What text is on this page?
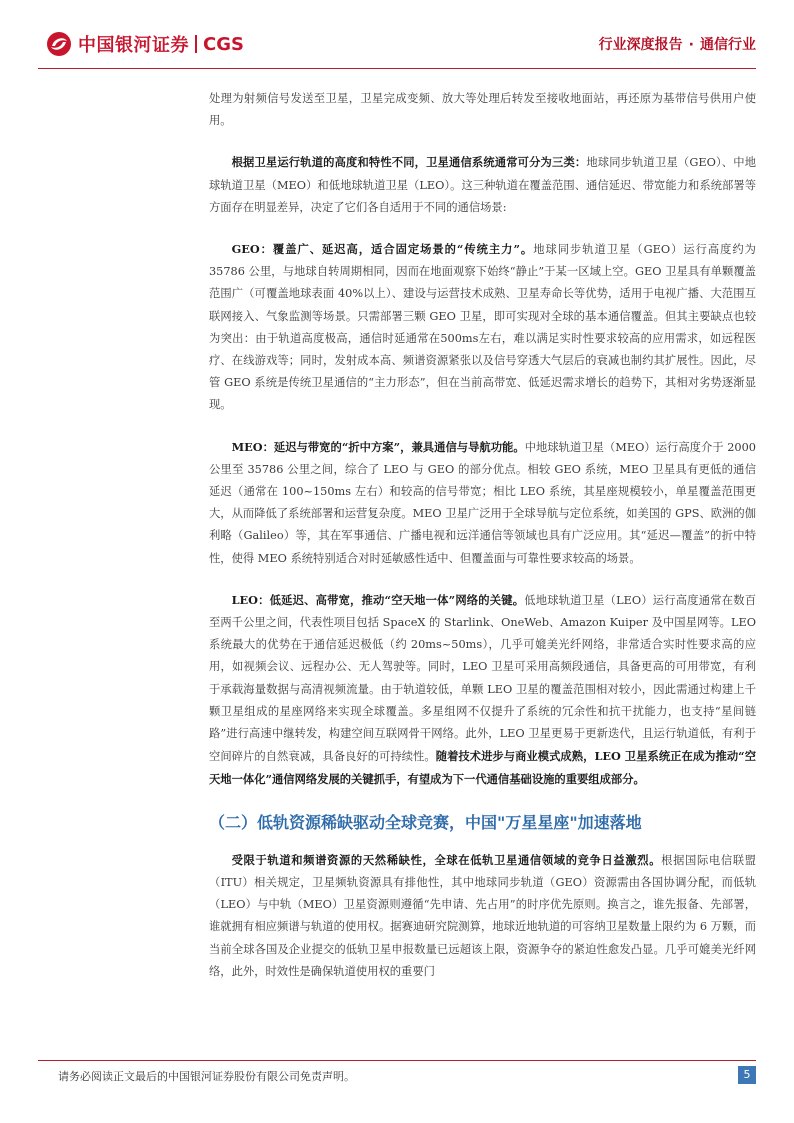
中国银河证券 CGS	行业深度报告 · 通信行业

处理为射频信号发送至卫星，卫星完成变频、放大等处理后转发至接收地面站，再还原为基带信号供用户使用。

根据卫星运行轨道的高度和特性不同，卫星通信系统通常可分为三类：地球同步轨道卫星（GEO）、中地球轨道卫星（MEO）和低地球轨道卫星（LEO）。这三种轨道在覆盖范围、通信延迟、带宽能力和系统部署等方面存在明显差异，决定了它们各自适用于不同的通信场景:

GEO：覆盖广、延迟高，适合固定场景的“传统主力”。地球同步轨道卫星（GEO）运行高度约为 35786 公里，与地球自转周期相同，因而在地面观察下始终“静止”于某一区域上空。GEO 卫星具有单颗覆盖范围广（可覆盖地球表面 40%以上）、建设与运营技术成熟、卫星寿命长等优势，适用于电视广播、大范围互联网接入、气象监测等场景。只需部署三颗 GEO 卫星，即可实现对全球的基本通信覆盖。但其主要缺点也较为突出：由于轨道高度极高，通信时延通常在500ms左右，难以满足实时性要求较高的应用需求，如远程医疗、在线游戏等；同时，发射成本高、频谱资源紧张以及信号穿透大气层后的衰减也制约其扩展性。因此，尽管 GEO 系统是传统卫星通信的“主力形态”，但在当前高带宽、低延迟需求增长的趋势下，其相对劣势逐渐显现。

MEO：延迟与带宽的“折中方案”，兼具通信与导航功能。中地球轨道卫星（MEO）运行高度介于 2000 公里至 35786 公里之间，综合了 LEO 与 GEO 的部分优点。相较 GEO 系统，MEO 卫星具有更低的通信延迟（通常在 100~150ms 左右）和较高的信号带宽；相比 LEO 系统，其星座规模较小，单星覆盖范围更大，从而降低了系统部署和运营复杂度。MEO 卫星广泛用于全球导航与定位系统，如美国的 GPS、欧洲的伽利略（Galileo）等，其在军事通信、广播电视和远洋通信等领域也具有广泛应用。其“延迟—覆盖”的折中特性，使得 MEO 系统特别适合对时延敏感性适中、但覆盖面与可靠性要求较高的场景。

LEO：低延迟、高带宽，推动“空天地一体”网络的关键。低地球轨道卫星（LEO）运行高度通常在数百至两千公里之间，代表性项目包括 SpaceX 的 Starlink、OneWeb、Amazon Kuiper 及中国星网等。LEO 系统最大的优势在于通信延迟极低（约 20ms~50ms），几乎可媲美光纤网络，非常适合实时性要求高的应用，如视频会议、远程办公、无人驾驶等。同时，LEO 卫星可采用高频段通信，具备更高的可用带宽，有利于承载海量数据与高清视频流量。由于轨道较低，单颗 LEO 卫星的覆盖范围相对较小，因此需通过构建上千颗卫星组成的星座网络来实现全球覆盖。多星组网不仅提升了系统的冗余性和抗干扰能力，也支持“星间链路”进行高速中继转发，构建空间互联网骨干网络。此外，LEO 卫星更易于更新迭代，且运行轨道低，有利于空间碎片的自然衰减，具备良好的可持续性。随着技术进步与商业模式成熟，LEO 卫星系统正在成为推动“空天地一体化”通信网络发展的关键抓手，有望成为下一代通信基础设施的重要组成部分。

（二）低轨资源稀缺驱动全球竞赛，中国"万星星座"加速落地

受限于轨道和频谱资源的天然稀缺性，全球在低轨卫星通信领域的竞争日益激烈。根据国际电信联盟（ITU）相关规定，卫星频轨资源具有排他性，其中地球同步轨道（GEO）资源需由各国协调分配，而低轨（LEO）与中轨（MEO）卫星资源则遵循“先申请、先占用”的时序优先原则。换言之，谁先报备、先部署，谁就拥有相应频谱与轨道的使用权。据赛迪研究院测算，地球近地轨道的可容纳卫星数量上限约为 6 万颗，而当前全球各国及企业提交的低轨卫星申报数量已远超该上限，资源争夺的紧迫性愈发凸显。几乎可媲美光纤网络，此外，时效性是确保轨道使用权的重要门

请务必阅读正文最后的中国银河证券股份有限公司免责声明。	5
